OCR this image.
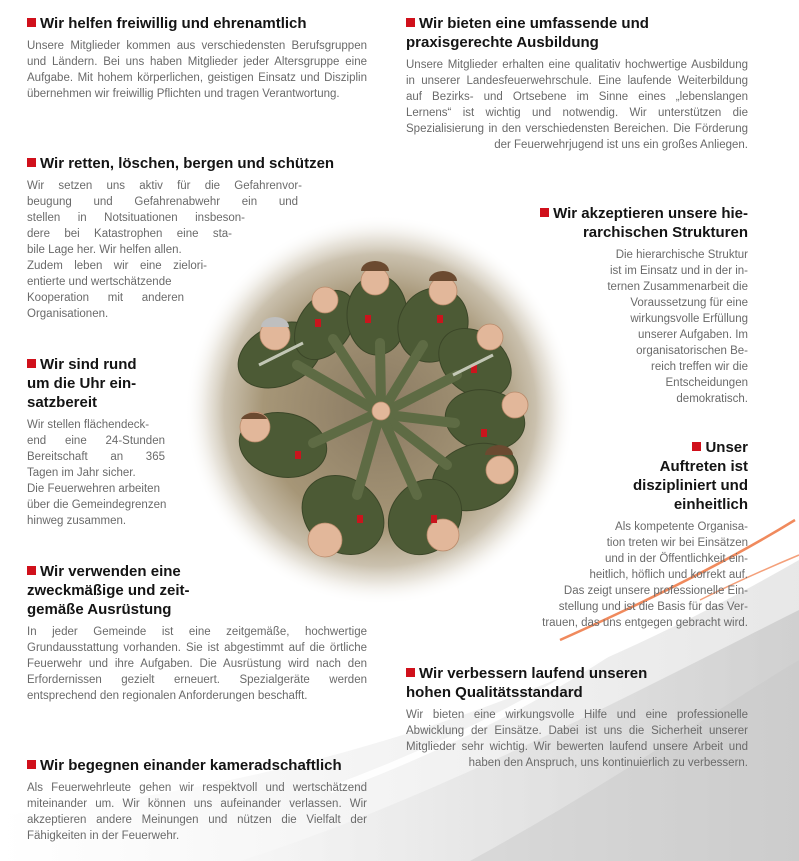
Wir helfen freiwillig und ehrenamtlich

Unsere Mitglieder kommen aus verschiedensten Berufsgruppen und Ländern. Bei uns haben Mitglieder jeder Altersgruppe eine Aufgabe. Mit hohem körperlichen, geistigen Einsatz und Disziplin übernehmen wir freiwillig Pflichten und tragen Verantwortung.

Wir retten, löschen, bergen und schützen

Wir setzen uns aktiv für die Gefahrenvor-
beugung und Gefahrenabwehr ein und
stellen in Notsituationen insbeson-
dere bei Katastrophen eine sta-
bile Lage her. Wir helfen allen.
Zudem leben wir eine zielori-
entierte und wertschätzende
Kooperation mit anderen
Organisationen.

Wir sind rund
um die Uhr ein-
satzbereit

Wir stellen flächendeck-
end eine 24-Stunden
Bereitschaft an 365
Tagen im Jahr sicher.
Die Feuerwehren arbeiten
über die Gemeindegrenzen
hinweg zusammen.

Wir verwenden eine
zweckmäßige und zeit-
gemäße Ausrüstung

In jeder Gemeinde ist eine zeitgemäße, hochwertige Grundausstattung vorhanden. Sie ist abgestimmt auf die örtliche Feuerwehr und ihre Aufgaben. Die Ausrüstung wird nach den Erfordernissen gezielt erneuert. Spezialgeräte werden entsprechend den regionalen Anforderungen beschafft.

Wir begegnen einander kameradschaftlich

Als Feuerwehrleute gehen wir respektvoll und wertschätzend miteinander um. Wir können uns aufeinander verlassen. Wir akzeptieren andere Meinungen und nützen die Vielfalt der Fähigkeiten in der Feuerwehr.

Wir bieten eine umfassende und
praxisgerechte Ausbildung

Unsere Mitglieder erhalten eine qualitativ hochwertige Ausbildung in unserer Landesfeuerwehrschule. Eine laufende Weiterbildung auf Bezirks- und Ortsebene im Sinne eines „lebenslangen Lernens“ ist wichtig und notwendig. Wir unterstützen die Spezialisierung in den verschiedensten Bereichen. Die Förderung der Feuerwehrjugend ist uns ein großes Anliegen.

Wir akzeptieren unsere hie-
rarchischen Strukturen

Die hierarchische Struktur
ist im Einsatz und in der in-
ternen Zusammenarbeit die
Voraussetzung für eine
wirkungsvolle Erfüllung
unserer Aufgaben. Im
organisatorischen Be-
reich treffen wir die
Entscheidungen
demokratisch.

Unser
Auftreten ist
diszipliniert und
einheitlich

Als kompetente Organisa-
tion treten wir bei Einsätzen
und in der Öffentlichkeit ein-
heitlich, höflich und korrekt auf.
Das zeigt unsere professionelle Ein-
stellung und ist die Basis für das Ver-
trauen, das uns entgegen gebracht wird.

Wir verbessern laufend unseren
hohen Qualitätsstandard

Wir bieten eine wirkungsvolle Hilfe und eine professionelle Abwicklung der Einsätze. Dabei ist uns die Sicherheit unserer Mitglieder sehr wichtig. Wir bewerten laufend unsere Arbeit und haben den Anspruch, uns kontinuierlich zu verbessern.
